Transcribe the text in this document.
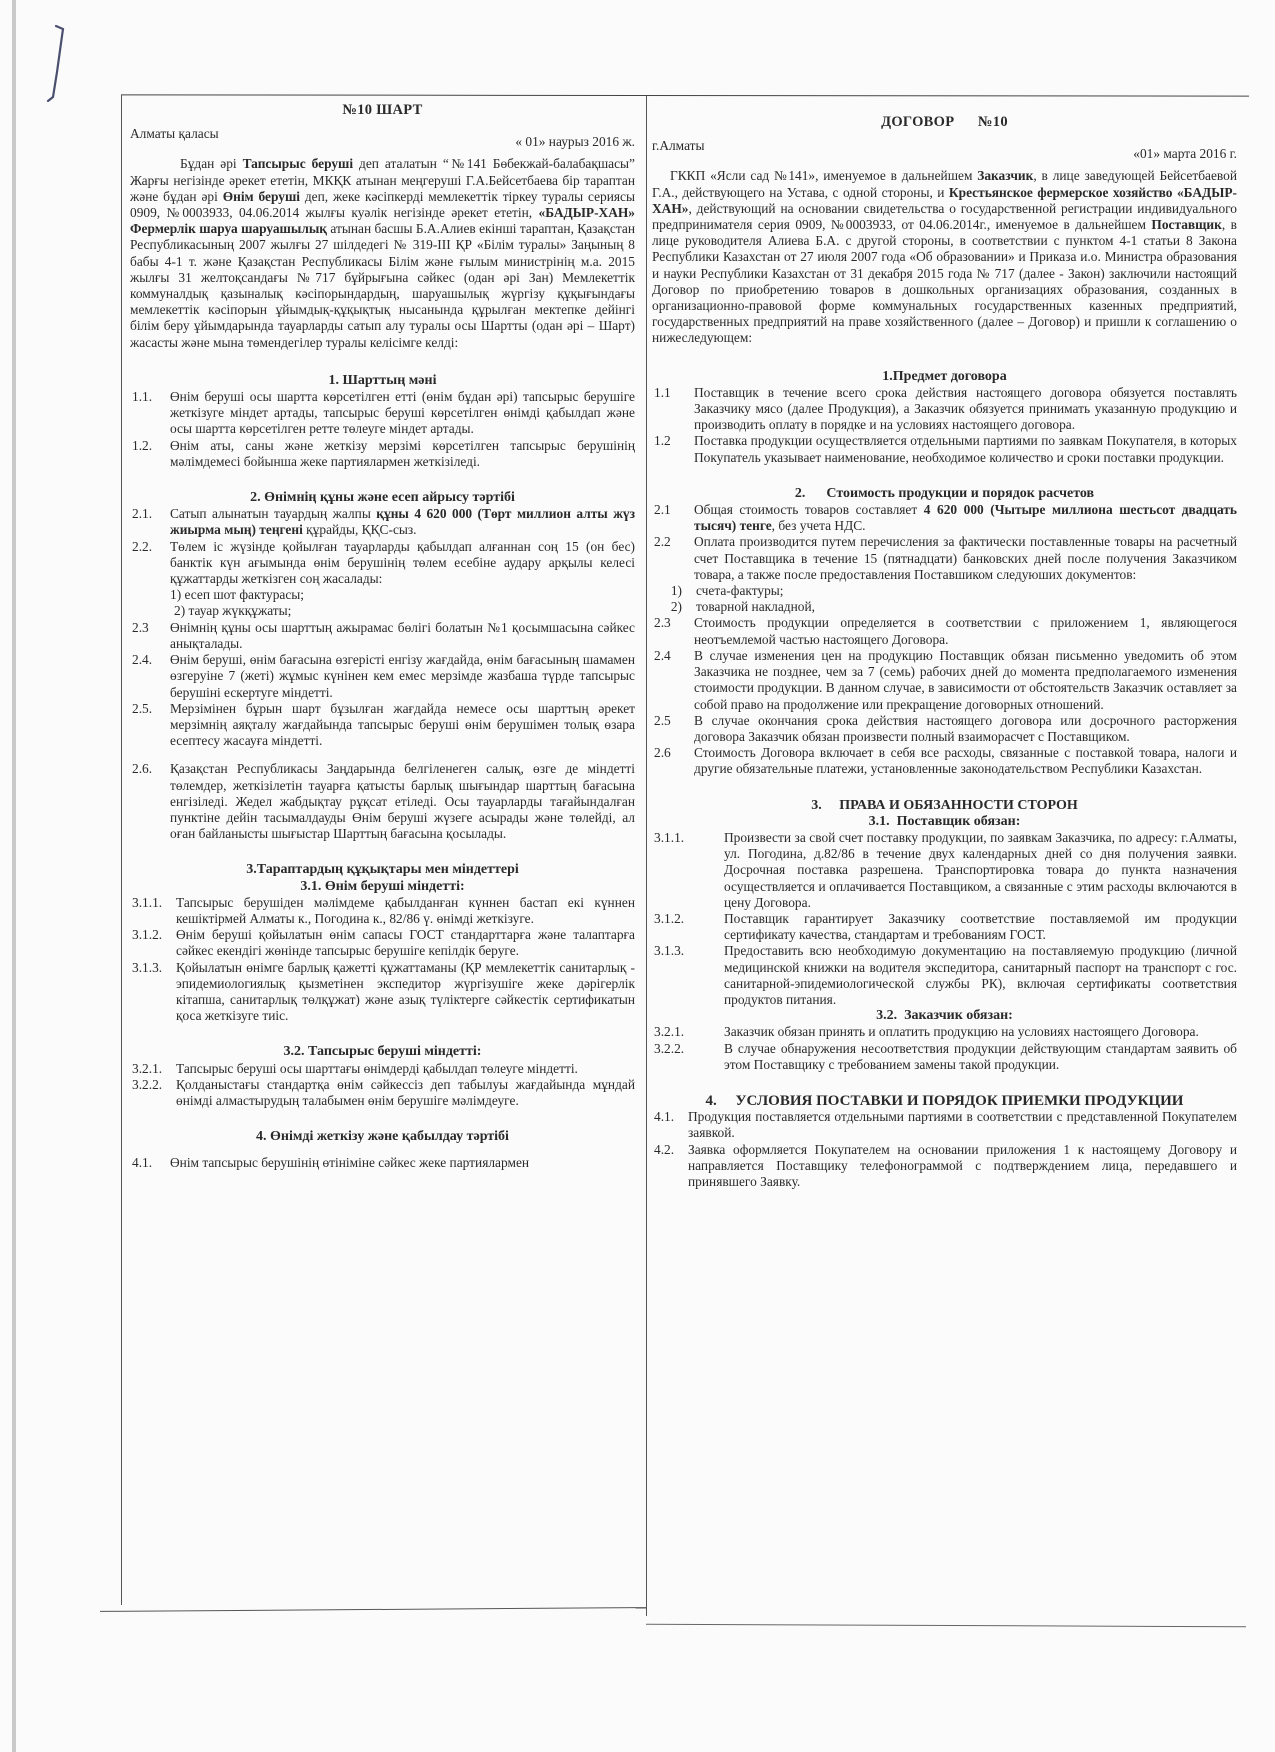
№10 ШАРТ
Алматы қаласы
« 01» наурыз 2016 ж.

Бұдан әрі Тапсырыс беруші деп аталатын “№141 Бөбекжай-балабақшасы” Жарғы негізінде әрекет ететін, МКҚК атынан меңгеруші Г.А.Бейсетбаева бір тараптан және бұдан әрі Өнім беруші деп, жеке кәсіпкерді мемлекеттік тіркеу туралы сериясы 0909, №0003933, 04.06.2014 жылғы куәлік негізінде әрекет ететін, «БАДЫР-ХАН» Фермерлік шаруа шаруашылық атынан басшы Б.А.Алиев екінші тараптан, Қазақстан Республикасының 2007 жылғы 27 шілдедегі № 319-ІІІ ҚР «Білім туралы» Заңының 8 бабы 4-1 т. және Қазақстан Республикасы Білім және ғылым министрінің м.а. 2015 жылғы 31 желтоқсандағы №717 бұйрығына сәйкес (одан әрі Зан) Мемлекеттік коммуналдық қазыналық кәсіпорындардың, шаруашылық жүргізу құқығындағы мемлекеттік кәсіпорын ұйымдық-құқықтық нысанында құрылған мектепке дейінгі білім беру ұйымдарында тауарларды сатып алу туралы осы Шартты (одан әрі – Шарт) жасасты және мына төмендегілер туралы келісімге келді:

1. Шарттың мәні
1.1.	Өнім беруші осы шартта көрсетілген етті (өнім бұдан әрі) тапсырыс берушіге жеткізуге міндет артады, тапсырыс беруші көрсетілген өнімді қабылдап және осы шартта көрсетілген ретте төлеуге міндет артады.
1.2.	Өнім аты, саны және жеткізу мерзімі көрсетілген тапсырыс берушінің мәлімдемесі бойынша жеке партиялармен жеткізіледі.
2. Өнімнің құны және есеп айрысу тәртібі
2.1.	Сатып алынатын тауардың жалпы құны 4 620 000 (Төрт миллион алты жүз жиырма мың) теңгені құрайды, ҚҚС-сыз.
2.2.	Төлем іс жүзінде қойылған тауарларды қабылдап алғаннан соң 15 (он бес) банктік күн ағымында өнім берушінің төлем есебіне аудару арқылы келесі құжаттарды жеткізген соң жасалады:
1) есеп шот фактурасы;
2) тауар жүкқұжаты;
2.3	Өнімнің құны осы шарттың ажырамас бөлігі болатын №1 қосымшасына сәйкес анықталады.
2.4.	Өнім беруші, өнім бағасына өзгерісті енгізу жағдайда, өнім бағасының шамамен өзгеруіне 7 (жеті) жұмыс күнінен кем емес мерзімде жазбаша түрде тапсырыс берушіні ескертуге міндетті.
2.5.	Мерзімінен бұрын шарт бұзылған жағдайда немесе осы шарттың әрекет мерзімнің аяқталу жағдайында тапсырыс беруші өнім берушімен толық өзара есептесу жасауға міндетті.
2.6.	Қазақстан Республикасы Заңдарында белгіленеген салық, өзге де міндетті төлемдер, жеткізілетін тауарға қатысты барлық шығындар шарттың бағасына енгізіледі. Жедел жабдықтау рұқсат етіледі. Осы тауарларды тағайындалған пунктіне дейін тасымалдауды Өнім беруші жүзеге асырады және төлейді, ал оған байланысты шығыстар Шарттың бағасына қосылады.
3.Тараптардың құқықтары мен міндеттері
3.1. Өнім беруші міндетті:
3.1.1.	Тапсырыс берушіден мәлімдеме қабылданған күннен бастап екі күннен кешіктірмей Алматы к., Погодина к., 82/86 ү. өнімді жеткізуге.
3.1.2.	Өнім беруші қойылатын өнім сапасы ГОСТ стандарттарға және талаптарға сәйкес екендігі жөнінде тапсырыс берушіге кепілдік беруге.
3.1.3.	Қойылатын өнімге барлық қажетті құжаттаманы (ҚР мемлекеттік санитарлық - эпидемиологиялық қызметінен экспедитор жүргізушіге жеке дәрігерлік кітапша, санитарлық төлқұжат) және азық түліктерге сәйкестік сертификатын қоса жеткізуге тиіс.
3.2. Тапсырыс беруші міндетті:
3.2.1.	Тапсырыс беруші осы шарттағы өнімдерді қабылдап төлеуге міндетті.
3.2.2.	Қолданыстағы стандартқа өнім сәйкессіз деп табылуы жағдайында мұндай өнімді алмастырудың талабымен өнім берушіге мәлімдеуге.
4. Өнімді жеткізу және қабылдау тәртібі
4.1.	Өнім тапсырыс берушінің өтініміне сәйкес жеке партиялармен
ДОГОВОР      №10
г.Алматы
«01» марта 2016 г.

ГККП «Ясли сад №141», именуемое в дальнейшем Заказчик, в лице заведующей Бейсетбаевой Г.А., действующего на Устава, с одной стороны, и Крестьянское фермерское хозяйство «БАДЫР-ХАН», действующий на основании свидетельства о государственной регистрации индивидуального предпринимателя серия 0909, №0003933, от 04.06.2014г., именуемое в дальнейшем Поставщик, в лице руководителя Алиева Б.А. с другой стороны, в соответствии с пунктом 4-1 статьи 8 Закона Республики Казахстан от 27 июля 2007 года «Об образовании» и Приказа и.о. Министра образования и науки Республики Казахстан от 31 декабря 2015 года № 717 (далее - Закон) заключили настоящий Договор по приобретению товаров в дошкольных организациях образования, созданных в организационно-правовой форме коммунальных государственных казенных предприятий, государственных предприятий на праве хозяйственного (далее – Договор) и пришли к соглашению о нижеследующем:

1.Предмет договора
1.1	Поставщик в течение всего срока действия настоящего договора обязуется поставлять Заказчику мясо (далее Продукция), а Заказчик обязуется принимать указанную продукцию и производить оплату в порядке и на условиях настоящего договора.
1.2	Поставка продукции осуществляется отдельными партиями по заявкам Покупателя, в которых Покупатель указывает наименование, необходимое количество и сроки поставки продукции.
2.      Стоимость продукции и порядок расчетов
2.1	Общая стоимость товаров составляет 4 620 000 (Чытыре миллиона шестьсот двадцать тысяч) тенге, без учета НДС.
2.2	Оплата производится путем перечисления за фактически поставленные товары на расчетный счет Поставщика в течение 15 (пятнадцати) банковских дней после получения Заказчиком товара, а также после предоставления Поставшиком следуюших документов:
1)	счета-фактуры;
2)	товарной накладной,
2.3	Стоимость продукции определяется в соответствии с приложением 1, являющегося неотъемлемой частью настоящего Договора.
2.4	В случае изменения цен на продукцию Поставщик обязан письменно уведомить об этом Заказчика не позднее, чем за 7 (семь) рабочих дней до момента предполагаемого изменения стоимости продукции. В данном случае, в зависимости от обстоятельств Заказчик оставляет за собой право на продолжение или прекращение договорных отношений.
2.5	В случае окончания срока действия настоящего договора или досрочного расторжения договора Заказчик обязан произвести полный взаиморасчет с Поставщиком.
2.6	Стоимость Договора включает в себя все расходы, связанные с поставкой товара, налоги и другие обязательные платежи, установленные законодательством Республики Казахстан.
3.     ПРАВА И ОБЯЗАННОСТИ СТОРОН
3.1.  Поставщик обязан:
3.1.1.	Произвести за свой счет поставку продукции, по заявкам Заказчика, по адресу: г.Алматы, ул. Погодина, д.82/86 в течение двух календарных дней со дня получения заявки. Досрочная поставка разрешена. Транспортировка товара до пункта назначения осуществляется и оплачивается Поставщиком, а связанные с этим расходы включаются в цену Договора.
3.1.2.	Поставщик гарантирует Заказчику соответствие поставляемой им продукции сертификату качества, стандартам и требованиям ГОСТ.
3.1.3.	Предоставить всю необходимую документацию на поставляемую продукцию (личной медицинской книжки на водителя экспедитора, санитарный паспорт на транспорт с гос. санитарной-эпидемиологической службы РК), включая сертификаты соответствия продуктов питания.
3.2.  Заказчик обязан:
3.2.1.	Заказчик обязан принять и оплатить продукцию на условиях настоящего Договора.
3.2.2.	В случае обнаружения несоответствия продукции действующим стандартам заявить об этом Поставщику с требованием замены такой продукции.
4.     УСЛОВИЯ ПОСТАВКИ И ПОРЯДОК ПРИЕМКИ ПРОДУКЦИИ
4.1.	Продукция поставляется отдельными партиями в соответствии с представленной Покупателем заявкой.
4.2.	Заявка оформляется Покупателем на основании приложения 1 к настоящему Договору и направляется Поставщику телефонограммой с подтверждением лица, передавшего и принявшего Заявку.
